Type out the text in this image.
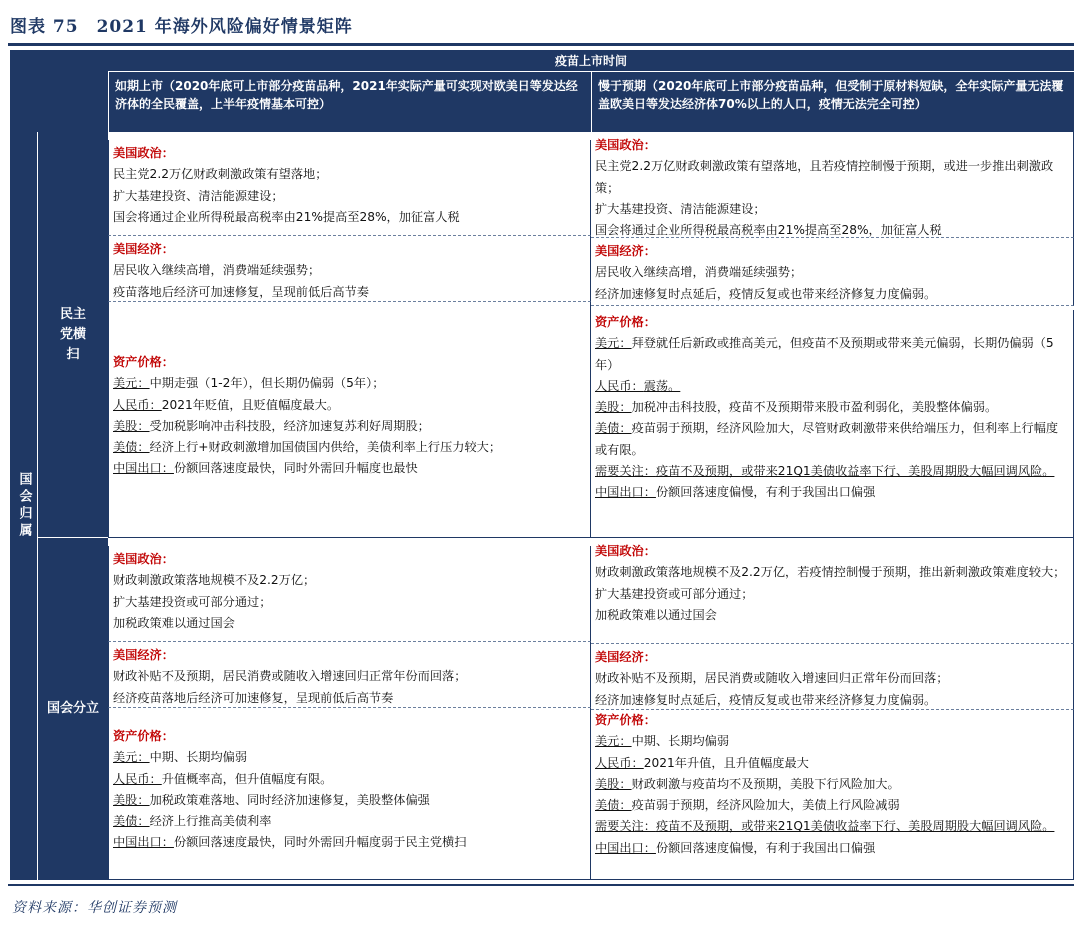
图表 75　2021 年海外风险偏好情景矩阵
疫苗上市时间
如期上市（2020年底可上市部分疫苗品种，2021年实际产量可实现对欧美日等发达经济体的全民覆盖，上半年疫情基本可控）
慢于预期（2020年底可上市部分疫苗品种，但受制于原材料短缺，全年实际产量无法覆盖欧美日等发达经济体70%以上的人口，疫情无法完全可控）
国会归属
民主党横扫
国会分立
美国政治：
民主党2.2万亿财政刺激政策有望落地；
扩大基建投资、清洁能源建设；
国会将通过企业所得税最高税率由21%提高至28%，加征富人税
美国经济：
居民收入继续高增，消费端延续强势；
疫苗落地后经济可加速修复，呈现前低后高节奏
资产价格：
美元：中期走强（1-2年），但长期仍偏弱（5年）；
人民币：2021年贬值，且贬值幅度最大。
美股：受加税影响冲击科技股，经济加速复苏利好周期股；
美债：经济上行+财政刺激增加国债国内供给，美债利率上行压力较大；
中国出口：份额回落速度最快，同时外需回升幅度也最快
美国政治：
民主党2.2万亿财政刺激政策有望落地，且若疫情控制慢于预期，或进一步推出刺激政策；
扩大基建投资、清洁能源建设；
国会将通过企业所得税最高税率由21%提高至28%，加征富人税
美国经济：
居民收入继续高增，消费端延续强势；
经济加速修复时点延后，疫情反复或也带来经济修复力度偏弱。
资产价格：
美元：拜登就任后新政或推高美元，但疫苗不及预期或带来美元偏弱，长期仍偏弱（5年）
人民币：震荡。
美股：加税冲击科技股，疫苗不及预期带来股市盈利弱化，美股整体偏弱。
美债：疫苗弱于预期，经济风险加大，尽管财政刺激带来供给端压力，但利率上行幅度或有限。
需要关注：疫苗不及预期，或带来21Q1美债收益率下行、美股周期股大幅回调风险。
中国出口：份额回落速度偏慢，有利于我国出口偏强
美国政治：
财政刺激政策落地规模不及2.2万亿；
扩大基建投资或可部分通过；
加税政策难以通过国会
美国经济：
财政补贴不及预期，居民消费或随收入增速回归正常年份而回落；
经济疫苗落地后经济可加速修复，呈现前低后高节奏
资产价格：
美元：中期、长期均偏弱
人民币：升值概率高，但升值幅度有限。
美股：加税政策难落地、同时经济加速修复，美股整体偏强
美债：经济上行推高美债利率
中国出口：份额回落速度最快，同时外需回升幅度弱于民主党横扫
美国政治：
财政刺激政策落地规模不及2.2万亿，若疫情控制慢于预期，推出新刺激政策难度较大；
扩大基建投资或可部分通过；
加税政策难以通过国会
美国经济：
财政补贴不及预期，居民消费或随收入增速回归正常年份而回落；
经济加速修复时点延后，疫情反复或也带来经济修复力度偏弱。
资产价格：
美元：中期、长期均偏弱
人民币：2021年升值，且升值幅度最大
美股：财政刺激与疫苗均不及预期，美股下行风险加大。
美债：疫苗弱于预期，经济风险加大，美债上行风险减弱
需要关注：疫苗不及预期，或带来21Q1美债收益率下行、美股周期股大幅回调风险。
中国出口：份额回落速度偏慢，有利于我国出口偏强
资料来源：华创证券预测
